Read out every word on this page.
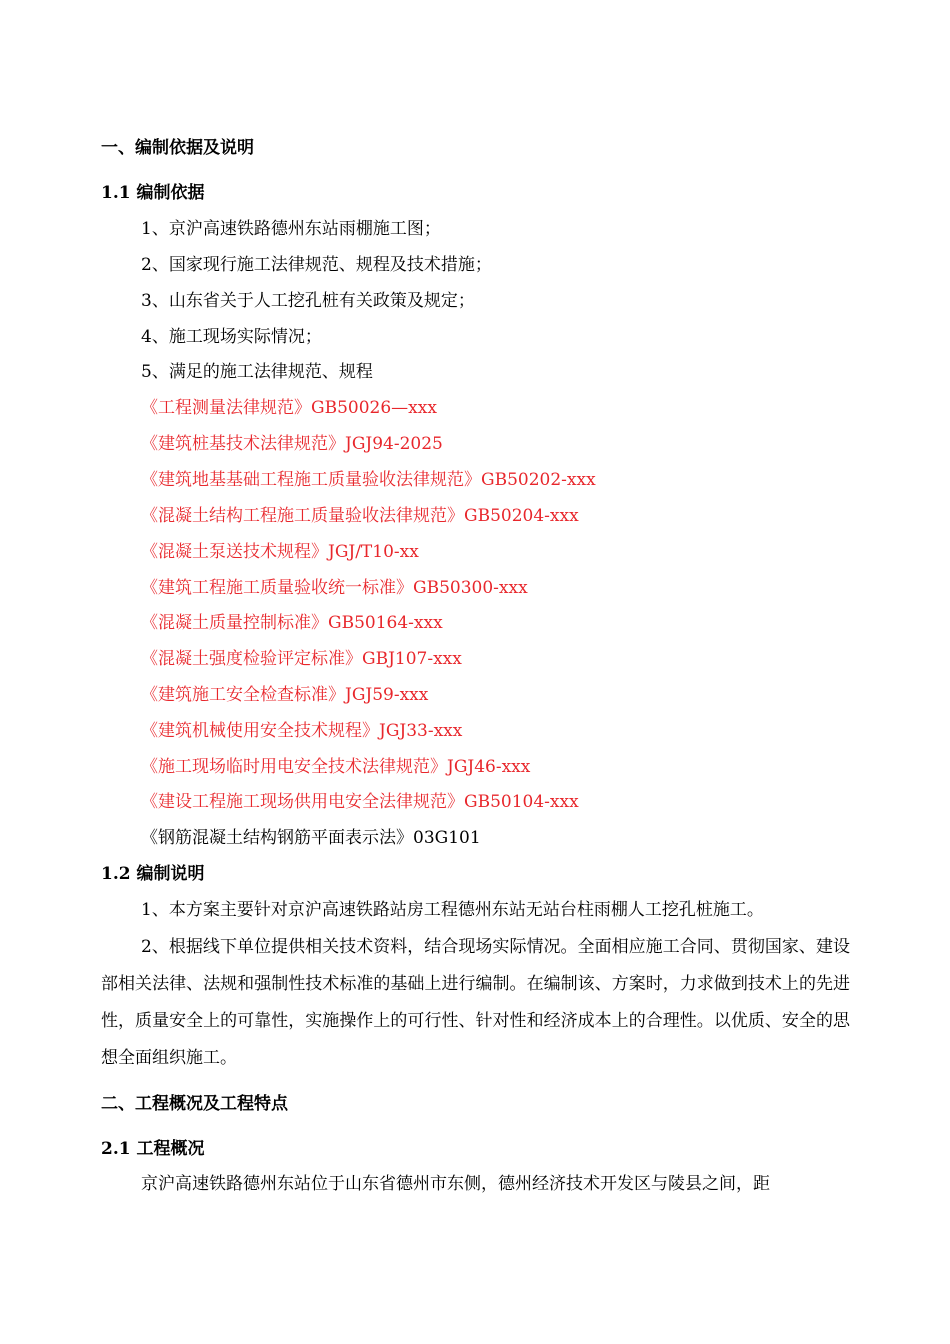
一、编制依据及说明
1.1 编制依据
1、京沪高速铁路德州东站雨棚施工图；
2、国家现行施工法律规范、规程及技术措施；
3、山东省关于人工挖孔桩有关政策及规定；
4、施工现场实际情况；
5、满足的施工法律规范、规程
《工程测量法律规范》GB50026—xxx
《建筑桩基技术法律规范》JGJ94-2025
《建筑地基基础工程施工质量验收法律规范》GB50202-xxx
《混凝土结构工程施工质量验收法律规范》GB50204-xxx
《混凝土泵送技术规程》JGJ/T10-xx
《建筑工程施工质量验收统一标准》GB50300-xxx
《混凝土质量控制标准》GB50164-xxx
《混凝土强度检验评定标准》GBJ107-xxx
《建筑施工安全检查标准》JGJ59-xxx
《建筑机械使用安全技术规程》JGJ33-xxx
《施工现场临时用电安全技术法律规范》JGJ46-xxx
《建设工程施工现场供用电安全法律规范》GB50104-xxx
《钢筋混凝土结构钢筋平面表示法》03G101
1.2 编制说明
1、本方案主要针对京沪高速铁路站房工程德州东站无站台柱雨棚人工挖孔桩施工。
2、根据线下单位提供相关技术资料，结合现场实际情况。全面相应施工合同、贯彻国家、建设部相关法律、法规和强制性技术标准的基础上进行编制。在编制该、方案时，力求做到技术上的先进性，质量安全上的可靠性，实施操作上的可行性、针对性和经济成本上的合理性。以优质、安全的思想全面组织施工。
二、工程概况及工程特点
2.1 工程概况
京沪高速铁路德州东站位于山东省德州市东侧，德州经济技术开发区与陵县之间，距
